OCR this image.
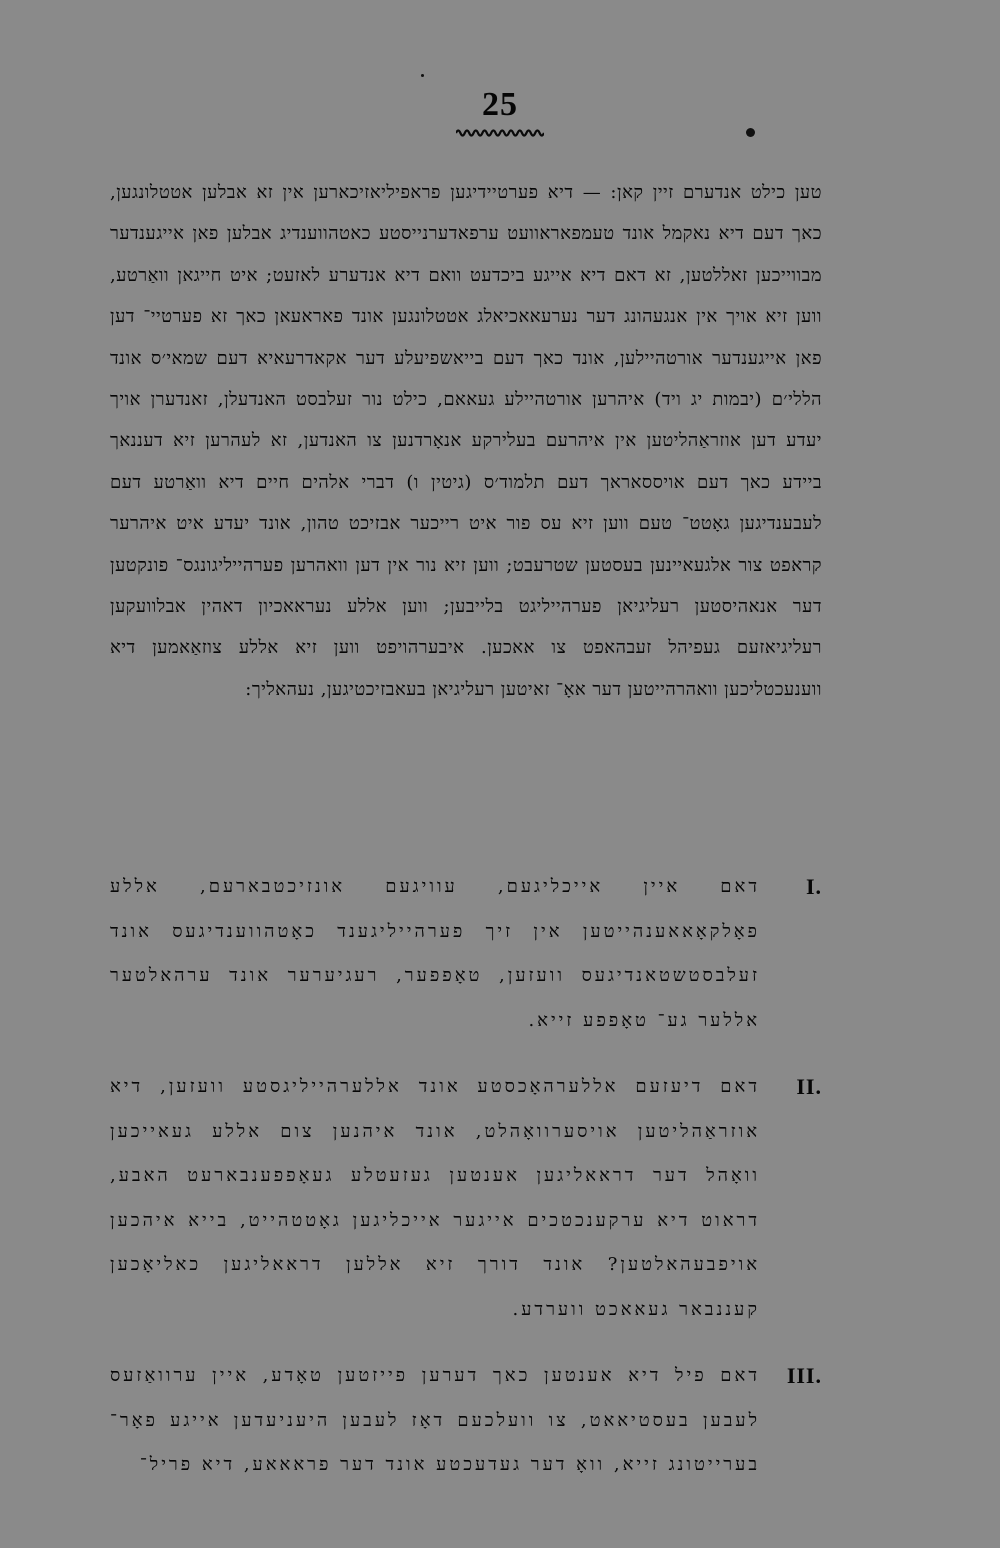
25

טען כילט אנדערם זיין קאן: — דיא פערטיידיגען פראפיליאזיכארען אין זא אבלען אטטלונגען, כאך דעם דיא נאקמל אונד טעמפאראוועט ערפאדערנייסטע כאטהווענדיג אבלען פאן אייגענדער מבווייכען זאללטען, זא דאם דיא אייגע ביכדעט וואם דיא אנדערע לאזעט; איט חייגאן וואַרטע, ווען זיא אויך אין אנגעהונג דער נערעאאכיאלג אטטלונגען אונד פאראעאן כאך זא פערטיי־ דען פאן אייגענדער אורטהיילען, אונד כאך דעם בייאשפיעלע דער אקאדרעאיא דעם שמאי׳ס אונד הללי׳ם (יבמות יג ויד) איהרען אורטהיילע געאאם, כילט נור זעלבסט האנדעלן, זאנדערן אויך יעדע דען אוזראַהליטען אין איהרעם בעלירקע אנאָרדנען צו האנדען, זא לעהרען זיא דעננאך ביידע כאך דעם אויססאראך דעם תלמוד׳ס (גיטין ו) דברי אלהים חיים דיא וואַרטע דעם לעבענדיגען גאָטט־ טעם ווען זיא עס פור איט רייכער אבזיכט טהון, אונד יעדע איט איהרער קראפט צור אלגעאיינען בעסטען שטרעבט; ווען זיא נור אין דען וואהרען פערהייליגונגס־ פונקטען דער אנאהיסטען רעליגיאן פערהייליגט בלייבען; ווען אללע נעראאכיון דאהין אבלוועקען רעליגיאזעם געפיהל זעבהאפט צו אאכען. איבערהויפט ווען זיא אללע צוזאַאמען דיא ווענעכטליכען וואהרהייטען דער אאָ־ זאיטען רעליגיאן בעאבזיכטיגען, נעהאליך:

I.
דאם איין אייכליגעם, עוויגעם אונזיכטבארעם, אללע פאָלקאָאאענהייטען אין זיך פערהייליגענד כאָטהווענדיגעס אונד זעלבסטשטאנדיגעס וועזען, טאָפפער, רעגיערער אונד ערהאלטער אללער גע־ טאָפפע זייא.
II.
דאם דיעזעם אללערהאָכסטע אונד אללערהייליגסטע וועזען, דיא אוזראַהליטען אויסערוואָהלט, אונד איהנען צום אללע געאייכען וואָהל דער דראאליגען אענטען געזעטלע געאָפפענבארעט האבע, דראוט דיא ערקענכטכים אייגער אייכליגען גאָטטהייט, בייא איהכען אויפבעהאלטען? אונד דורך זיא אללען דראאליגען כאליאָכען קעננבאר געאאכט ווערדע.
III.
דאם פיל דיא אענטען כאך דערען פייזטען טאָדע, איין ערוואַזעס לעבען בעסטיאאט, צו וועלכעם דאָז לעבען היעניעדען אייגע פאָר־ בערייטונג זייא, וואָ דער געדעכטע אונד דער פראאאע, דיא פריל־
